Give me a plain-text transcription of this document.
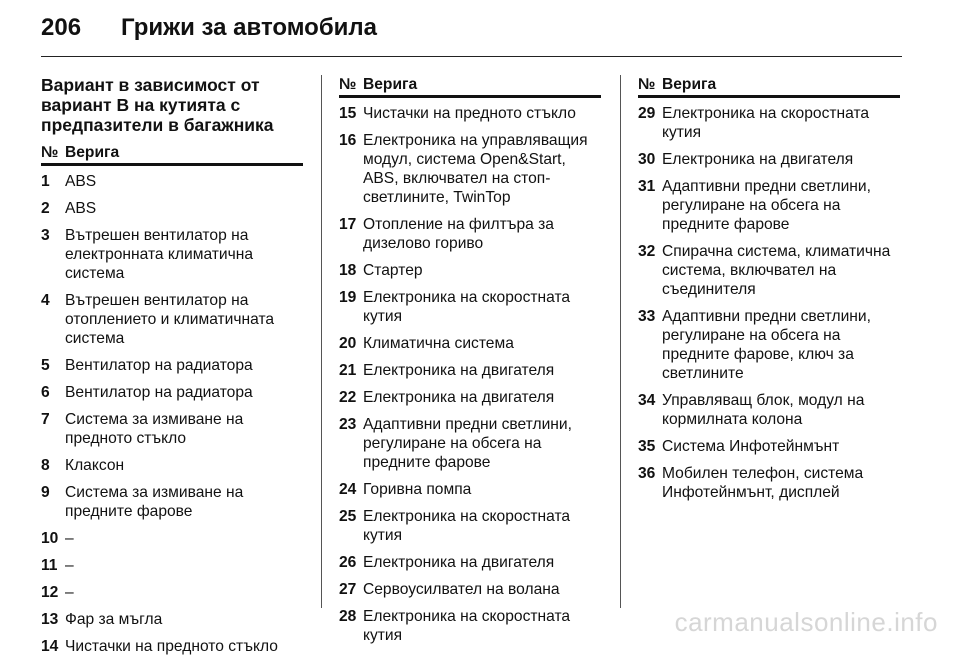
206	Грижи за автомобила
Вариант в зависимост от вариант B на кутията с предпазители в багажника
№ Верига
1 ABS
2 ABS
3 Вътрешен вентилатор на електронната климатична система
4 Вътрешен вентилатор на отоплението и климатичната система
5 Вентилатор на радиатора
6 Вентилатор на радиатора
7 Система за измиване на предното стъкло
8 Клаксон
9 Система за измиване на предните фарове
10 –
11 –
12 –
13 Фар за мъгла
14 Чистачки на предното стъкло
№ Верига
15 Чистачки на предното стъкло
16 Електроника на управляващия модул, система Open&Start, ABS, включвател на стоп-светлините, TwinTop
17 Отопление на филтъра за дизелово гориво
18 Стартер
19 Електроника на скоростната кутия
20 Климатична система
21 Електроника на двигателя
22 Електроника на двигателя
23 Адаптивни предни светлини, регулиране на обсега на предните фарове
24 Горивна помпа
25 Електроника на скоростната кутия
26 Електроника на двигателя
27 Сервоусилвател на волана
28 Електроника на скоростната кутия
№ Верига
29 Електроника на скоростната кутия
30 Електроника на двигателя
31 Адаптивни предни светлини, регулиране на обсега на предните фарове
32 Спирачна система, климатична система, включвател на съединителя
33 Адаптивни предни светлини, регулиране на обсега на предните фарове, ключ за светлините
34 Управляващ блок, модул на кормилната колона
35 Система Инфотейнмънт
36 Мобилен телефон, система Инфотейнмънт, дисплей
carmanualsonline.info
